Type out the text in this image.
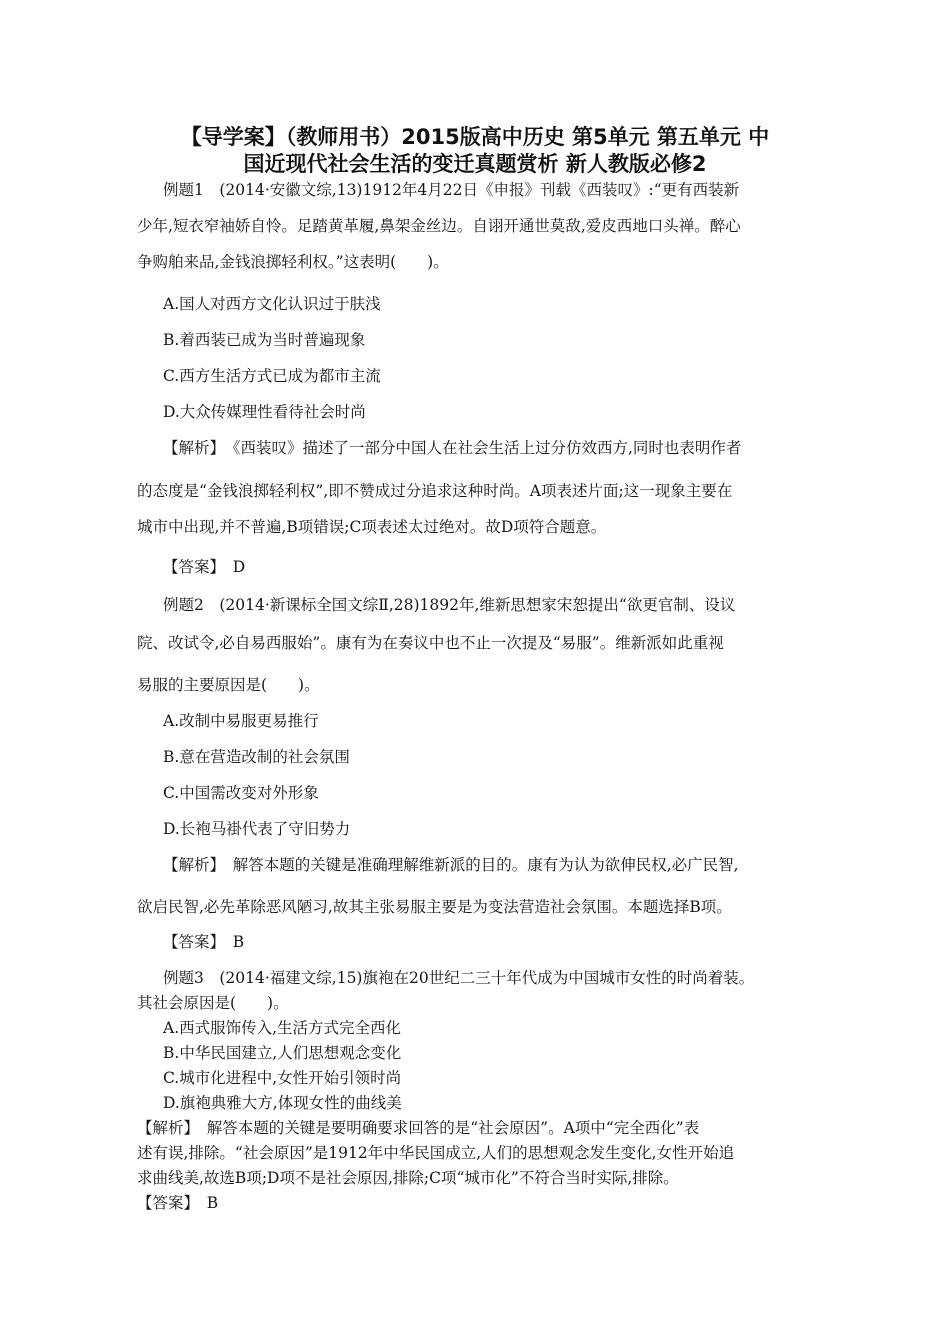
【导学案】（教师用书）2015版高中历史 第5单元 第五单元 中
国近现代社会生活的变迁真题赏析 新人教版必修2
例题1　(2014·安徽文综,13)1912年4月22日《申报》刊载《西装叹》:“更有西装新
少年,短衣窄袖娇自怜。足踏黄革履,鼻架金丝边。自诩开通世莫敌,爱皮西地口头禅。醉心
争购舶来品,金钱浪掷轻利权。”这表明(　　)。
A.国人对西方文化认识过于肤浅
B.着西装已成为当时普遍现象
C.西方生活方式已成为都市主流
D.大众传媒理性看待社会时尚
【解析】　《西装叹》描述了一部分中国人在社会生活上过分仿效西方,同时也表明作者
的态度是“金钱浪掷轻利权”,即不赞成过分追求这种时尚。A项表述片面;这一现象主要在
城市中出现,并不普遍,B项错误;C项表述太过绝对。故D项符合题意。
【答案】　D
例题2　(2014·新课标全国文综Ⅱ,28)1892年,维新思想家宋恕提出“欲更官制、设议
院、改试令,必自易西服始”。康有为在奏议中也不止一次提及“易服”。维新派如此重视
易服的主要原因是(　　)。
A.改制中易服更易推行
B.意在营造改制的社会氛围
C.中国需改变对外形象
D.长袍马褂代表了守旧势力
【解析】　解答本题的关键是准确理解维新派的目的。康有为认为欲伸民权,必广民智,
欲启民智,必先革除恶风陋习,故其主张易服主要是为变法营造社会氛围。本题选择B项。
【答案】　B
例题3　(2014·福建文综,15)旗袍在20世纪二三十年代成为中国城市女性的时尚着装。
其社会原因是(　　)。
A.西式服饰传入,生活方式完全西化
B.中华民国建立,人们思想观念变化
C.城市化进程中,女性开始引领时尚
D.旗袍典雅大方,体现女性的曲线美
【解析】　解答本题的关键是要明确要求回答的是“社会原因”。A项中“完全西化”表
述有误,排除。“社会原因”是1912年中华民国成立,人们的思想观念发生变化,女性开始追
求曲线美,故选B项;D项不是社会原因,排除;C项“城市化”不符合当时实际,排除。
【答案】　B
